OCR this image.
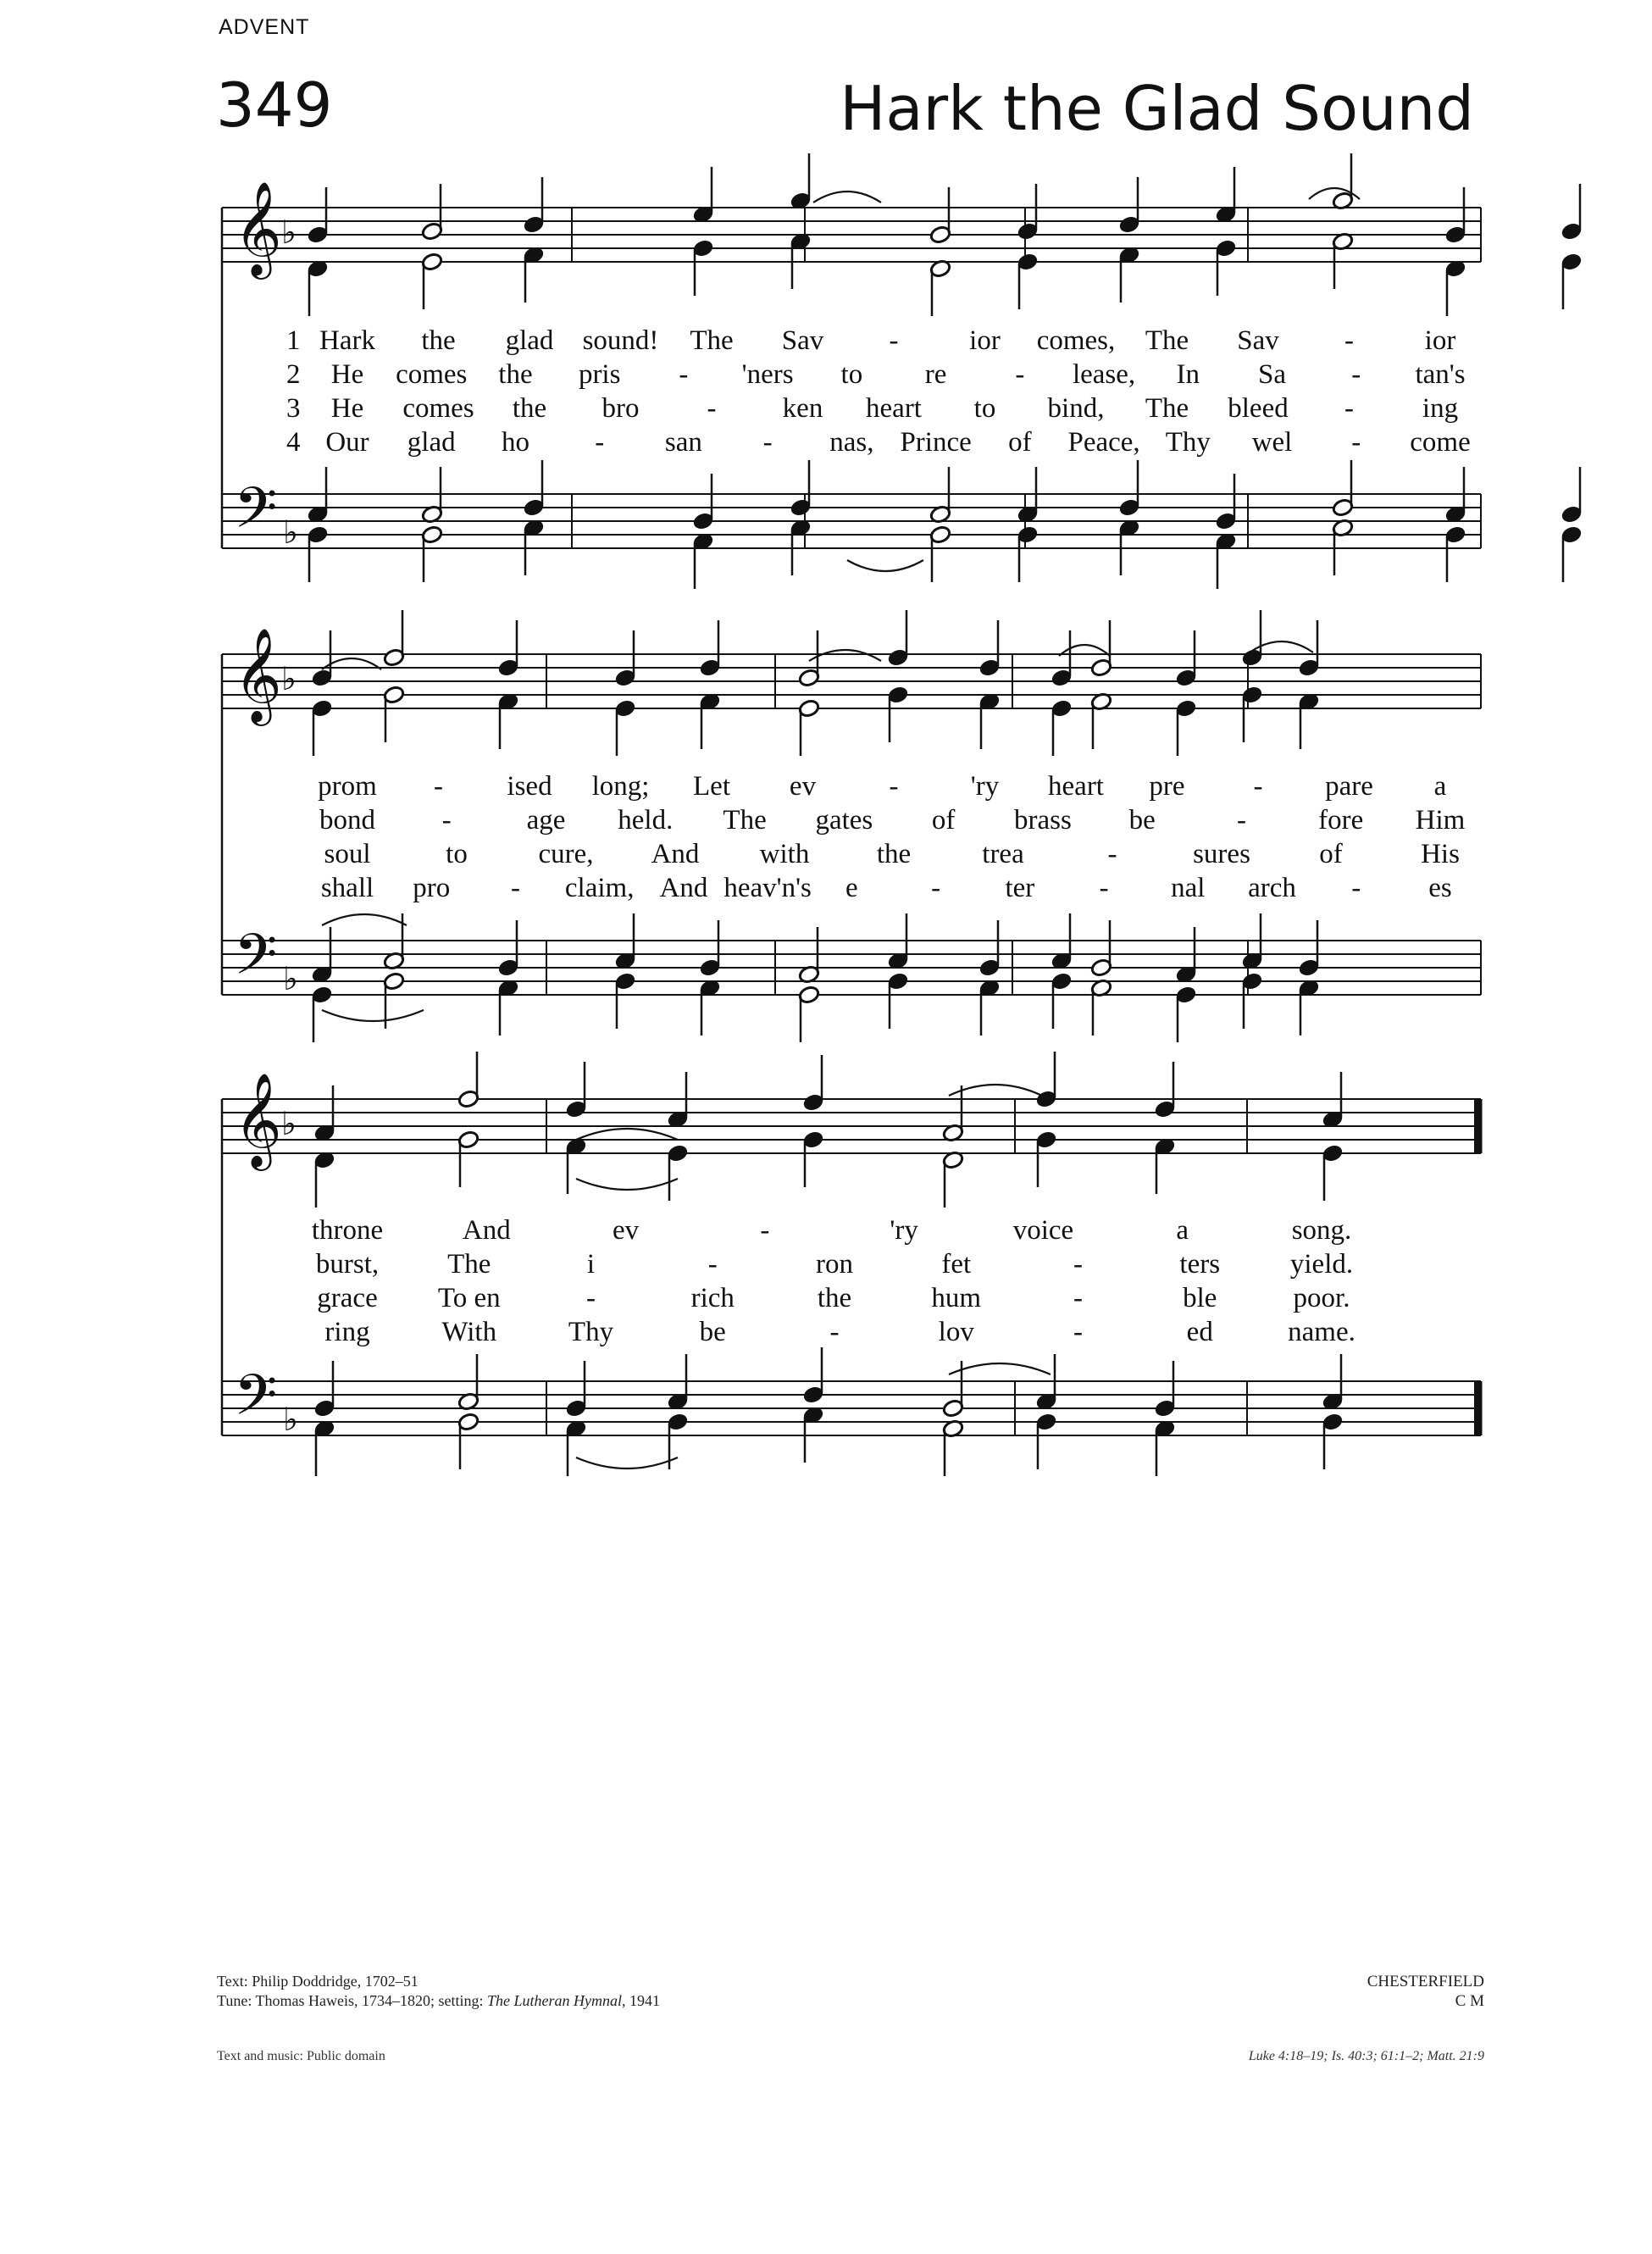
ADVENT
349	Hark the Glad Sound
𝄞
𝄢
♭
♭
𝄞
𝄢
♭
♭
𝄞
𝄢
♭
♭
1 Hark the glad sound! The Sav -	ior comes, The Sav -	ior
2 He comes the pris - 'ners to re - lease, In Sa - tan's
3 He comes the bro - ken heart to bind, The bleed - ing
4 Our glad ho - san - nas, Prince of Peace, Thy wel - come
prom - ised long; Let ev	-	'ry heart pre - pare a
bond -	age held. The gates of brass be	-	fore Him
soul	to	cure, And with the	trea	-	sures of	His
shall pro - claim, And heav'n's e	- ter - nal arch - es
throne	And	ev	-	'ry	voice	a	song.
burst, The	i	-	ron	fet	-	ters	yield.
grace To en	-	rich	the	hum	-	ble	poor.
ring	With	Thy	be	-	lov	-	ed	name.
Text: Philip Doddridge, 1702–51
Tune: Thomas Haweis, 1734–1820; setting: The Lutheran Hymnal, 1941
CHESTERFIELD
C M
Text and music: Public domain	Luke 4:18–19; Is. 40:3; 61:1–2; Matt. 21:9
